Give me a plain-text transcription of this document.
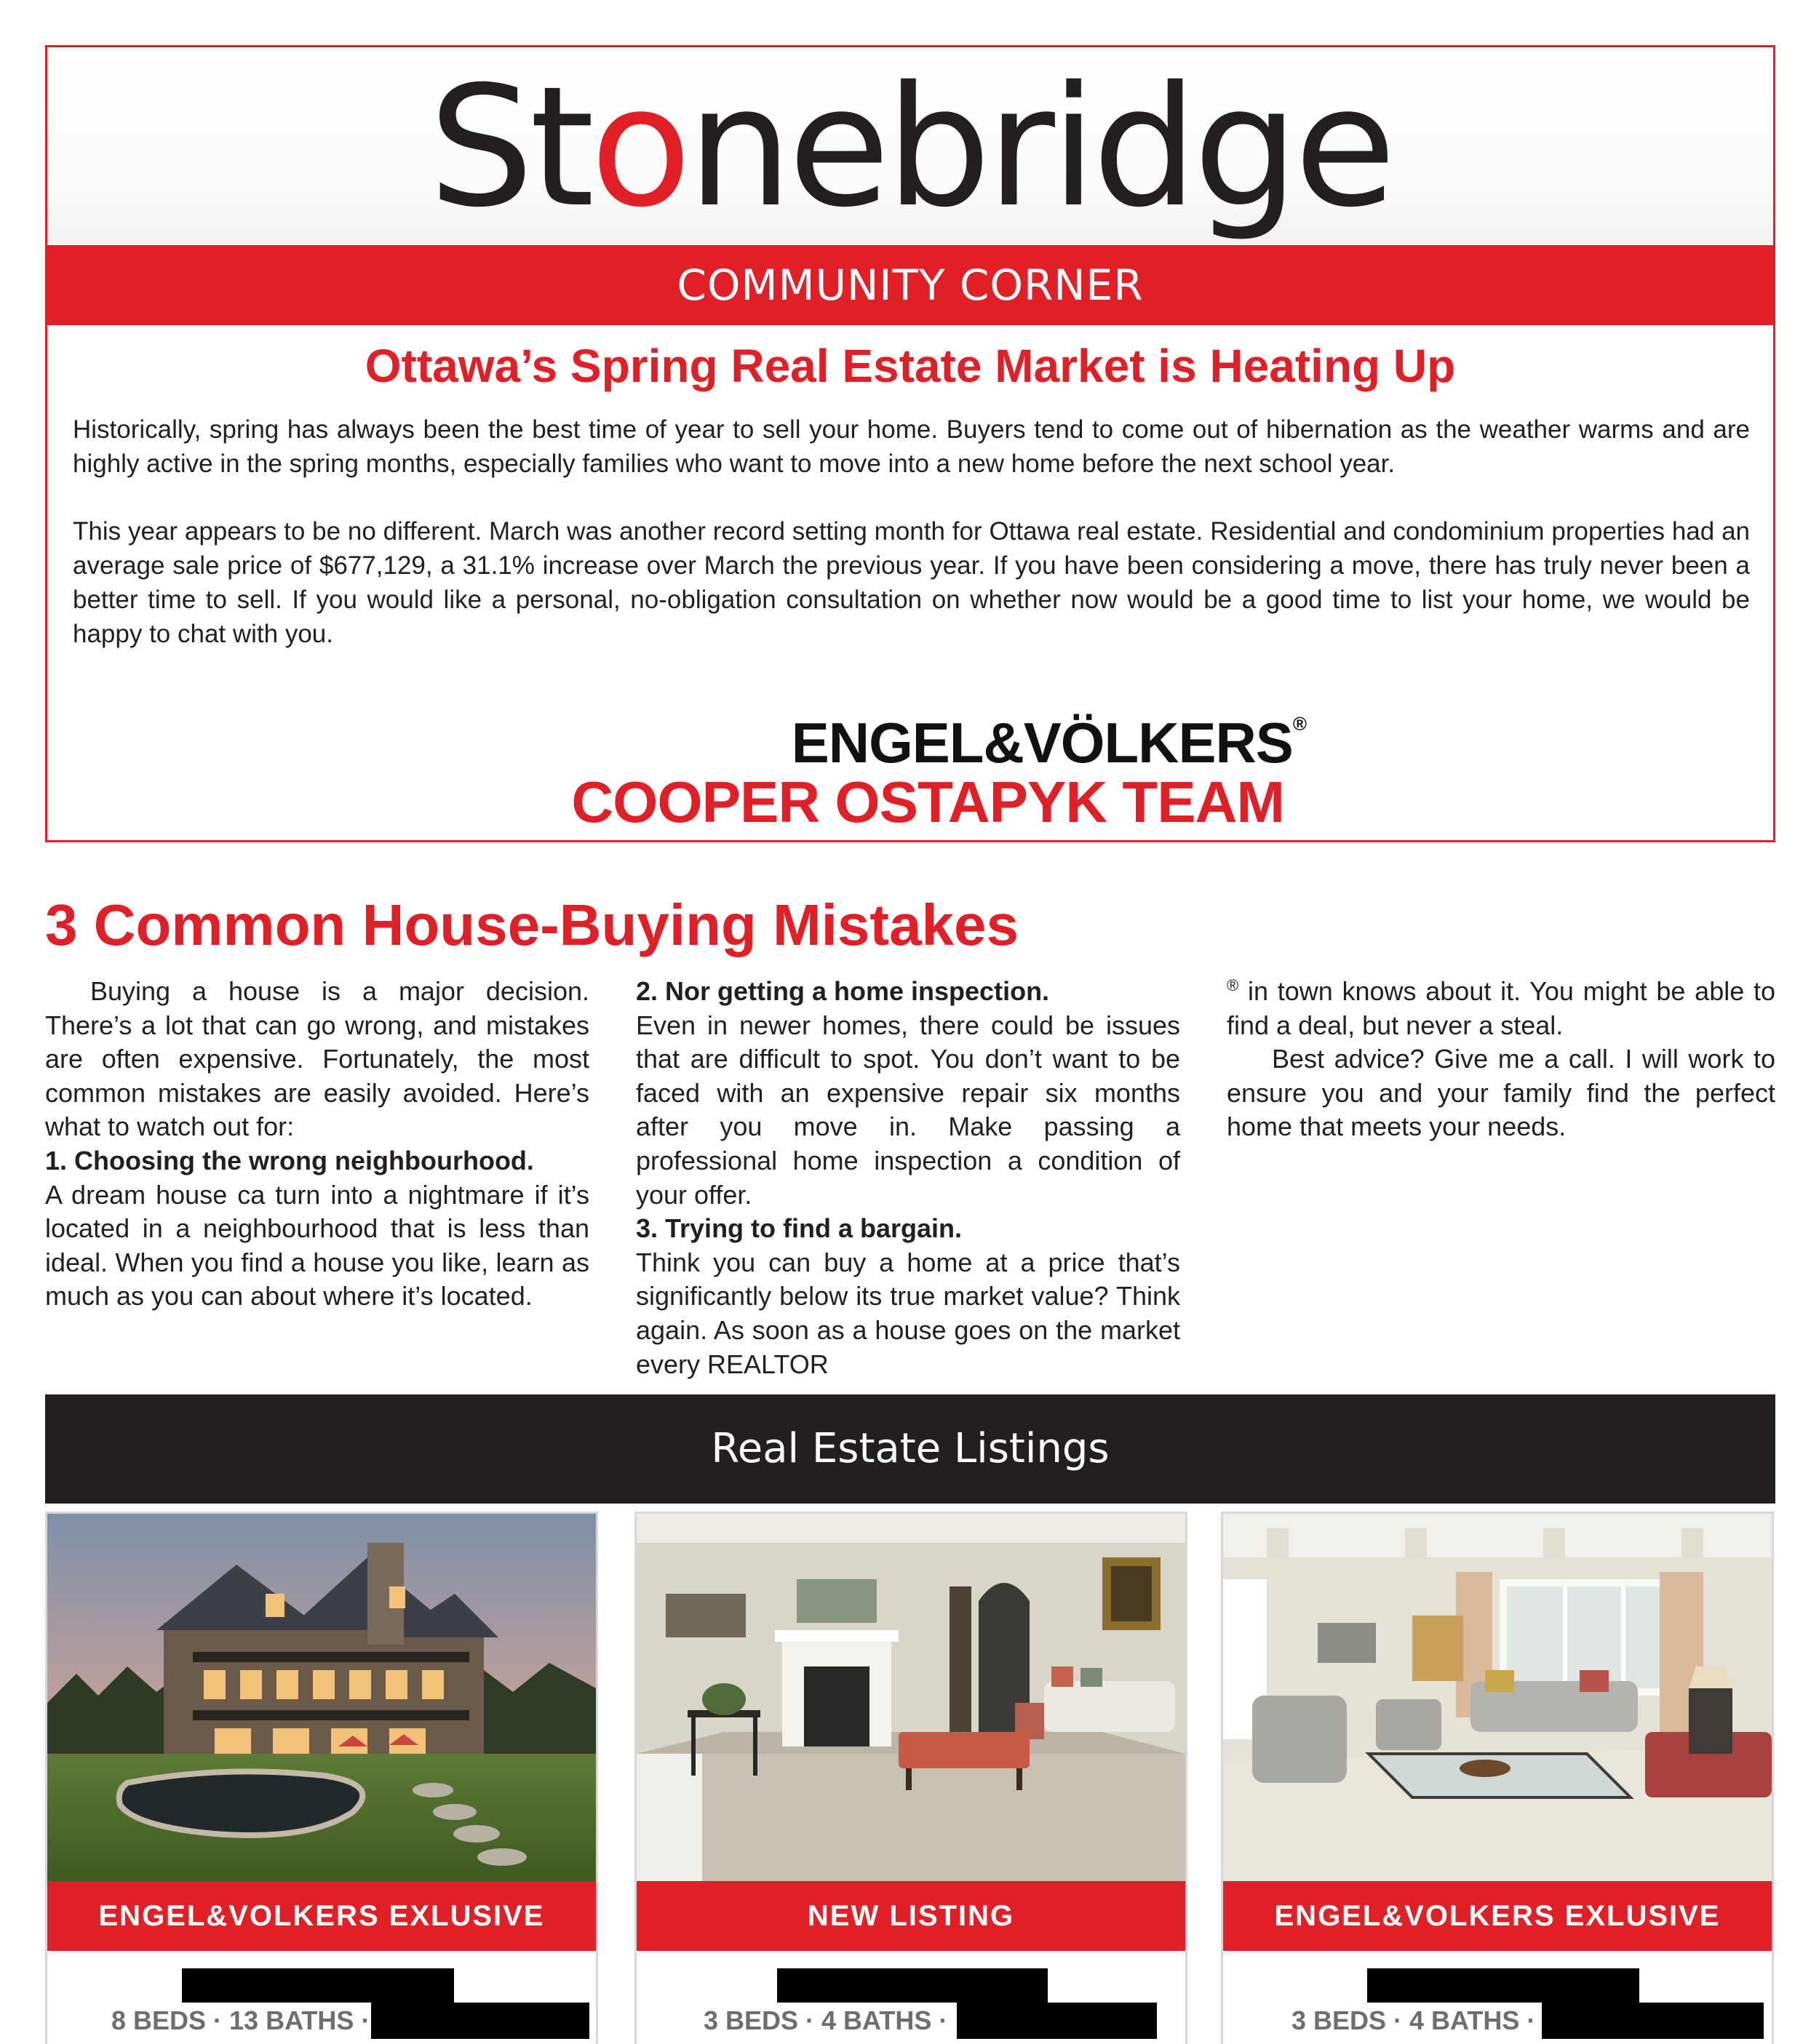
Stonebridge
COMMUNITY CORNER
Ottawa’s Spring Real Estate Market is Heating Up

Historically, spring has always been the best time of year to sell your home. Buyers tend to come out of hibernation as the weather warms and are highly active in the spring months, especially families who want to move into a new home before the next school year.

This year appears to be no different. March was another record setting month for Ottawa real estate. Residential and condominium properties had an average sale price of $677,129, a 31.1% increase over March the previous year. If you have been considering a move, there has truly never been a better time to sell. If you would like a personal, no-obligation consultation on whether now would be a good time to list your home, we would be happy to chat with you.

ENGEL&VÖLKERS®
COOPER OSTAPYK TEAM
3 Common House-Buying Mistakes

Buying a house is a major decision. There’s a lot that can go wrong, and mistakes are often expensive. Fortunately, the most common mistakes are easily avoided. Here’s what to watch out for:

1. Choosing the wrong neighbourhood.

A dream house ca turn into a nightmare if it’s located in a neighbourhood that is less than ideal. When you find a house you like, learn as much as you can about where it’s located.

2. Nor getting a home inspection.

Even in newer homes, there could be issues that are difficult to spot. You don’t want to be faced with an expensive repair six months after you move in. Make passing a professional home inspection a condition of your offer.

3. Trying to find a bargain.

Think you can buy a home at a price that’s significantly below its true market value? Think again. As soon as a house goes on the market every REALTOR

® in town knows about it. You might be able to find a deal, but never a steal.

Best advice? Give me a call. I will work to ensure you and your family find the perfect home that meets your needs.

Real Estate Listings
ENGEL&VOLKERS EXLUSIVE
8 BEDS · 13 BATHS ·
NEW LISTING
3 BEDS · 4 BATHS ·
ENGEL&VOLKERS EXLUSIVE
3 BEDS · 4 BATHS ·
